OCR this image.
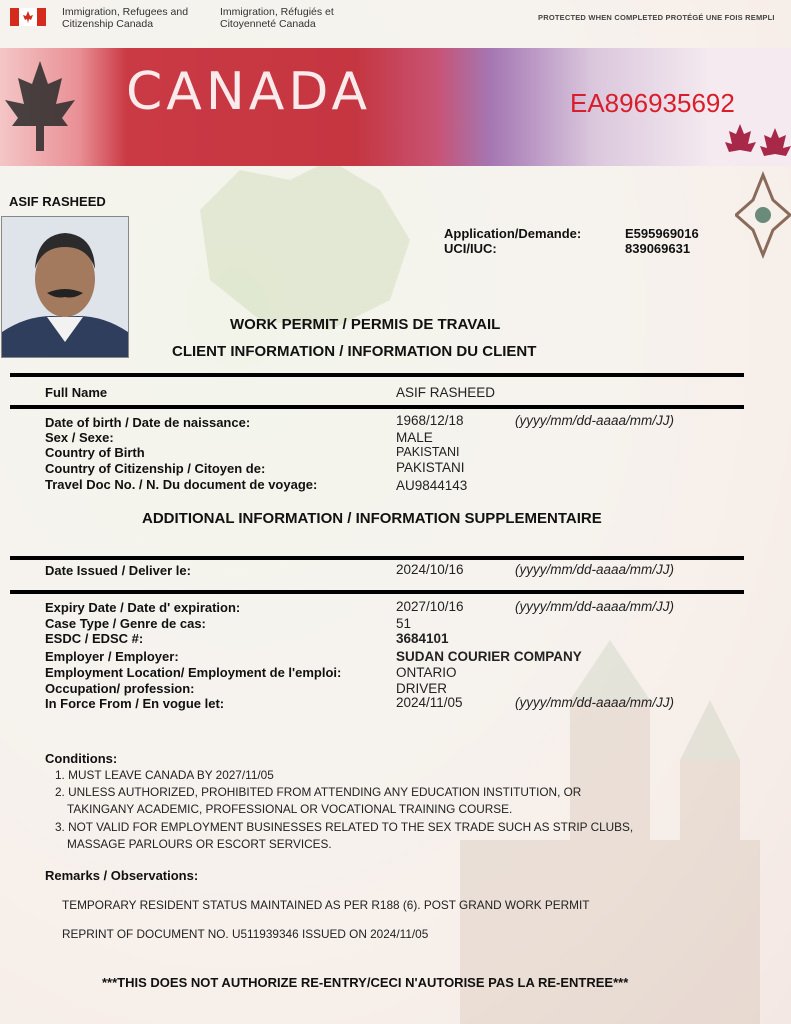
Immigration, Refugees and
Citizenship Canada
Immigration, Réfugiés et
Citoyenneté Canada
PROTECTED WHEN COMPLETED PROTÉGÉ UNE FOIS REMPLI
CANADA	EA896935692
ASIF RASHEED
Application/Demande:	E595969016
UCI/IUC:	839069631
WORK PERMIT / PERMIS DE TRAVAIL
CLIENT INFORMATION / INFORMATION DU CLIENT
Full Name	ASIF RASHEED
Date of birth / Date de naissance:	1968/12/18	(yyyy/mm/dd-aaaa/mm/JJ)
Sex / Sexe:	MALE
Country of Birth	PAKISTANI
Country of Citizenship / Citoyen de:	PAKISTANI
Travel Doc No. / N. Du document de voyage:	AU9844143
ADDITIONAL INFORMATION / INFORMATION SUPPLEMENTAIRE
Date Issued / Deliver le:	2024/10/16	(yyyy/mm/dd-aaaa/mm/JJ)
Expiry Date / Date d' expiration:	2027/10/16	(yyyy/mm/dd-aaaa/mm/JJ)
Case Type / Genre de cas:	51
ESDC / EDSC #:	3684101
Employer / Employer:	SUDAN COURIER COMPANY
Employment Location/ Employment de l'emploi:	ONTARIO
Occupation/ profession:	DRIVER
In Force From / En vogue let:	2024/11/05	(yyyy/mm/dd-aaaa/mm/JJ)
Conditions:
1. MUST LEAVE CANADA BY 2027/11/05
2. UNLESS AUTHORIZED, PROHIBITED FROM ATTENDING ANY EDUCATION INSTITUTION, OR
TAKINGANY ACADEMIC, PROFESSIONAL OR VOCATIONAL TRAINING COURSE.
3. NOT VALID FOR EMPLOYMENT BUSINESSES RELATED TO THE SEX TRADE SUCH AS STRIP CLUBS,
MASSAGE PARLOURS OR ESCORT SERVICES.
Remarks / Observations:
TEMPORARY RESIDENT STATUS MAINTAINED AS PER R188 (6). POST GRAND WORK PERMIT
REPRINT OF DOCUMENT NO. U511939346 ISSUED ON 2024/11/05
***THIS DOES NOT AUTHORIZE RE-ENTRY/CECI N'AUTORISE PAS LA RE-ENTREE***
